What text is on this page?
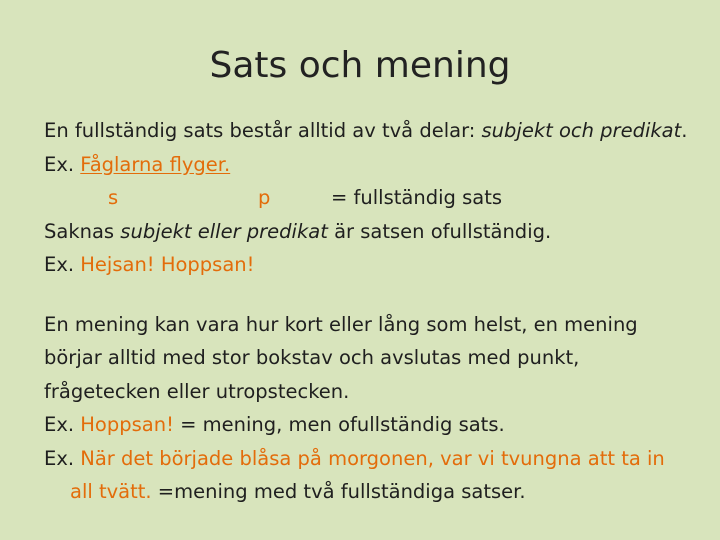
Sats och mening
En fullständig sats består alltid av två delar: subjekt och predikat.
Ex. Fåglarna flyger.
s	p	= fullständig sats
Saknas subjekt eller predikat är satsen ofullständig.
Ex. Hejsan! Hoppsan!
En mening kan vara hur kort eller lång som helst, en mening
börjar alltid med stor bokstav och avslutas med punkt,
frågetecken eller utropstecken.
Ex. Hoppsan! = mening, men ofullständig sats.
Ex. När det började blåsa på morgonen, var vi tvungna att ta in
all tvätt. =mening med två fullständiga satser.
